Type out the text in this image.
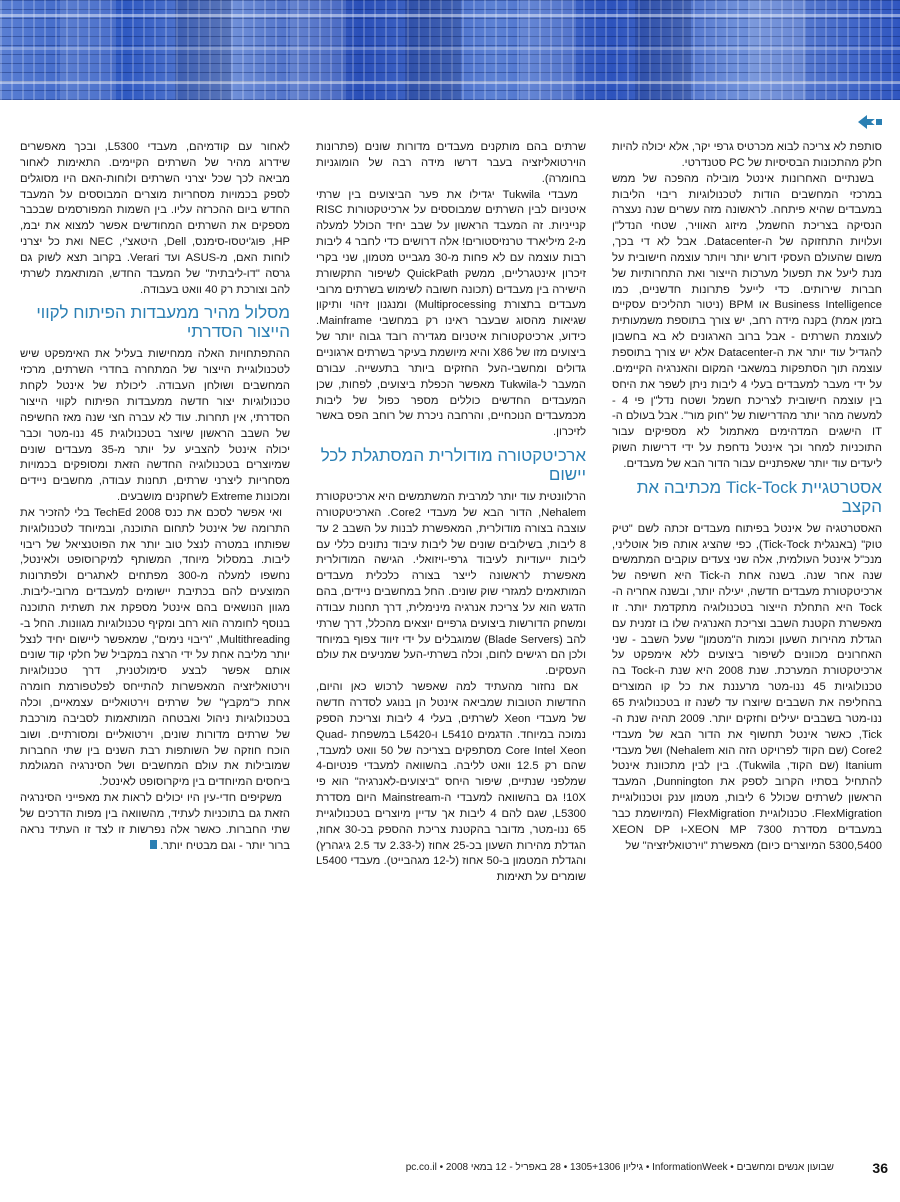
סותפת לא צריכה לבוא מכרטיס גרפי יקר, אלא יכולה להיות חלק מהתכונות הבסיסיות של PC סטנדרטי.

בשנתיים האחרונות אינטל מובילה מהפכה של ממש במרכזי המחשבים הודות לטכנולוגיות ריבוי הליבות במעבדים שהיא פיתחה. לראשונה מזה עשרים שנה נעצרה הנסיקה בצריכת החשמל, מיזוג האוויר, שטחי הנדל"ן ועלויות התחזוקה של ה-Datacenter. אבל לא די בכך, משום שהעולם העסקי דורש יותר ויותר עוצמה חישובית על מנת ליעל את תפעול מערכות הייצור ואת התחרותיות של חברות שירותים. כדי לייעל פתרונות חדשניים, כמו Business Intelligence או BPM (ניטור תהליכים עסקיים בזמן אמת) בקנה מידה רחב, יש צורך בתוספת משמעותית לעוצמת השרתים - אבל ברוב הארגונים לא בא בחשבון להגדיל עוד יותר את ה-Datacenter אלא יש צורך בתוספת עוצמה תוך הסתפקות במשאבי המקום והאנרגיה הקיימים. על ידי מעבר למעבדים בעלי 4 ליבות ניתן לשפר את היחס בין עוצמה חישובית לצריכת חשמל ושטח נדל"ן פי 4 - למעשה מהר יותר מהדרישות של "חוק מור". אבל בעולם ה-IT הישגים המדהימים מאתמול לא מספיקים עבור התוכניות למחר וכך אינטל נדחפת על ידי דרישות השוק ליעדים עוד יותר שאפתניים עבור הדור הבא של מעבדים.

אסטרטגיית Tick-Tock מכתיבה את הקצב

האסטרטגיה של אינטל בפיתוח מעבדים זכתה לשם "טיק טוק" (באנגלית Tick-Tock), כפי שהציג אותה פול אוטליני, מנכ"ל אינטל העולמית, אלה שני צעדים עוקבים המתמשים שנה אחר שנה. בשנה אחת ה-Tick היא חשיפה של ארכיטקטורת מעבדים חדשה, יעילה יותר, ובשנה אחריה ה-Tock היא התחלת הייצור בטכנולוגיה מתקדמת יותר. זו מאפשרת הקטנת השבב וצריכת האנרגיה שלו בו זמנית עם הגדלת מהירות השעון וכמות ה"מטמון" שעל השבב - שני האחרונים מכוונים לשיפור ביצועים ללא אימפקט על ארכיטקטורת המערכת. שנת 2008 היא שנת ה-Tock בה טכנולוגיות 45 ננו-מטר מרעננת את כל קו המוצרים בהחליפה את השבבים שיוצרו עד לשנה זו בטכנולוגית 65 ננו-מטר בשבבים יעילים וחזקים יותר. 2009 תהיה שנת ה-Tick, כאשר אינטל תחשוף את הדור הבא של מעבדי Core2 (שם הקוד לפרויקט הזה הוא Nehalem) ושל מעבדי Itanium (שם הקוד, Tukwila). בין לבין מתכוונת אינטל להתחיל בסתיו הקרוב לספק את Dunnington, המעבד הראשון לשרתים שכולל 6 ליבות, מטמון ענק וטכנולוגיית FlexMigration. טכנולוגיית FlexMigration (המיושמת כבר במעבדים מסדרת XEON MP 7300-ו XEON DP 5300,5400 המיוצרים כיום) מאפשרת "וירטואליזציה" של

שרתים בהם מותקנים מעבדים מדורות שונים (פתרונות הוירטואליזציה בעבר דרשו מידה רבה של הומוגניות בחומרה).

מעבדי Tukwila יגדילו את פער הביצועים בין שרתי איטניום לבין השרתים שמבוססים על ארכיטקטורות RISC קנייניות. זה המעבד הראשון על שבב יחיד הכולל למעלה מ-2 מיליארד טרנזיסטורים! אלה דרושים כדי לחבר 4 ליבות רבות עוצמה עם לא פחות מ-30 מגבייט מטמון, שני בקרי זיכרון אינטגרליים, ממשק QuickPath לשיפור התקשורת הישירה בין מעבדים (תכונה חשובה לשימוש בשרתים מרובי מעבדים בתצורת Multiprocessing) ומנגנון זיהוי ותיקון שגיאות מהסוג שבעבר ראינו רק במחשבי Mainframe. כידוע, ארכיטקטורות איטניום מגדירה רובד גבוה יותר של ביצועים מזו של X86 והיא מיושמת בעיקר בשרתים ארגוניים גדולים ומחשבי-העל החזקים ביותר בתעשייה. עבורם המעבר ל-Tukwila מאפשר הכפלת ביצועים, לפחות, שכן המעבדים החדשים כוללים מספר כפול של ליבות מכמעבדים הנוכחיים, והרחבה ניכרת של רוחב הפס באשר לזיכרון.

ארכיטקטורה מודולרית המסתגלת לכל יישום

הרלוונטית עוד יותר למרבית המשתמשים היא ארכיטקטורת Nehalem, הדור הבא של מעבדי Core2. הארכיטקטורה עוצבה בצורה מודולרית, המאפשרת לבנות על השבב 2 עד 8 ליבות, בשילובים שונים של ליבות עיבוד נתונים כללי עם ליבות ייעודיות לעיבוד גרפי-ויזואלי. הגישה המודולרית מאפשרת לראשונה לייצר בצורה כלכלית מעבדים המותאמים למגזרי שוק שונים. החל במחשבים ניידים, בהם הדגש הוא על צריכת אנרגיה מינימלית, דרך תחנות עבודה ומשחק הדורשות ביצועים גרפיים יוצאים מהכלל, דרך שרתי להב (Blade Servers) שמוגבלים על ידי זיווד צפוף במיוחד ולכן הם רגישים לחום, וכלה בשרתי-העל שמניעים את עולם העסקים.

אם נחזור מהעתיד למה שאפשר לרכוש כאן והיום, החדשות הטובות שמביאה אינטל הן בנוגע לסדרה חדשה של מעבדי Xeon לשרתים, בעלי 4 ליבות וצריכת הספק נמוכה במיוחד. הדגמים L5410 ו-L5420 במשפחת Quad-Core Intel Xeon מסתפקים בצריכה של 50 וואט למעבד, שהם רק 12.5 וואט לליבה. בהשוואה למעבדי פנטיום-4 שמלפני שנתיים, שיפור היחס "ביצועים-לאנרגיה" הוא פי 10X! גם בהשוואה למעבדי ה-Mainstream היום מסדרת L5300, שגם להם 4 ליבות אך עדיין מיוצרים בטכנולוגיית 65 ננו-מטר, מדובר בהקטנת צריכת ההספק בכ-30 אחוז, הגדלת מהירות השעון בכ-25 אחוז (ל-2.33 עד 2.5 גיגהרץ) והגדלת המטמון ב-50 אחוז (ל-12 מגהבייט). מעבדי L5400 שומרים על תאימות

לאחור עם קודמיהם, מעבדי L5300, ובכך מאפשרים שידרוג מהיר של השרתים הקיימים. התאימות לאחור מביאה לכך שכל יצרני השרתים ולוחות-האם היו מסוגלים לספק בכמויות מסחריות מוצרים המבוססים על המעבד החדש ביום ההכרזה עליו. בין השמות המפורסמים שבכבר מספקים את השרתים המחודשים אפשר למצוא את יבמ, HP, פוג'יטסו-סימנס, Dell, היטאצ'י, NEC ואת כל יצרני לוחות האם, מ-ASUS ועד Verari. בקרוב תצא לשוק גם גרסה "דו-ליבתית" של המעבד החדש, המותאמת לשרתי להב וצורכת רק 40 וואט בעבודה.

מסלול מהיר ממעבדות הפיתוח לקווי הייצור הסדרתי

ההתפתחויות האלה ממחישות בעליל את האימפקט שיש לטכנולוגיית הייצור של המתחרה בחדרי השרתים, מרכזי המחשבים ושולחן העבודה. ליכולת של אינטל לקחת טכנולוגיות יצור חדשה ממעבדות הפיתוח לקווי הייצור הסדרתי, אין תחרות. עוד לא עברה חצי שנה מאז החשיפה של השבב הראשון שיוצר בטכנולוגית 45 ננו-מטר וכבר יכולה אינטל להצביע על יותר מ-35 מעבדים שונים שמיוצרים בטכנולוגיה החדשה הזאת ומסופקים בכמויות מסחריות ליצרני שרתים, תחנות עבודה, מחשבים ניידים ומכונות Extreme לשחקנים מושבעים.

ואי אפשר לסכם את כנס TechEd 2008 בלי להזכיר את התרומה של אינטל לתחום התוכנה, ובמיוחד לטכנולוגיות שפותחו במטרה לנצל טוב יותר את הפוטנציאל של ריבוי ליבות. במסלול מיוחד, המשותף למיקרוסופט ולאינטל, נחשפו למעלה מ-300 מפתחים לאתגרים ולפתרונות המוצעים להם בכתיבת יישומים למעבדים מרובי-ליבות. מגוון הנושאים בהם אינטל מספקת את תשתית התוכנה בנוסף לחומרה הוא רחב ומקיף טכנולוגיות מגוונות. החל ב-Multithreading, "ריבוי נימים", שמאפשר ליישום יחיד לנצל יותר מליבה אחת על ידי הרצה במקביל של חלקי קוד שונים אותם אפשר לבצע סימולטנית, דרך טכנולוגיות וירטואליזציה המאפשרות להתייחס לפלטפורמת חומרה אחת כ"מקבץ" של שרתים וירטואליים עצמאיים, וכלה בטכנולוגיות ניהול ואבטחה המותאמות לסביבה מורכבת של שרתים מדורות שונים, וירטואליים ומסורתיים. ושוב הוכח חוזקה של השותפות רבת השנים בין שתי החברות שמובילות את עולם המחשבים ושל הסינרגיה המגולמת ביחסים המיוחדים בין מיקרוסופט לאינטל.

משקיפים חדי-עין היו יכולים לראות את מאפייני הסינרגיה הזאת גם בתוכניות לעתיד, מהשוואה בין מפות הדרכים של שתי החברות. כאשר אלה נפרשות זו לצד זו העתיד נראה ברור יותר - וגם מבטיח יותר.

36
שבועון אנשים ומחשבים • InformationWeek • גיליון 1305+1306 • 28 באפריל - 12 במאי 2008 • pc.co.il
